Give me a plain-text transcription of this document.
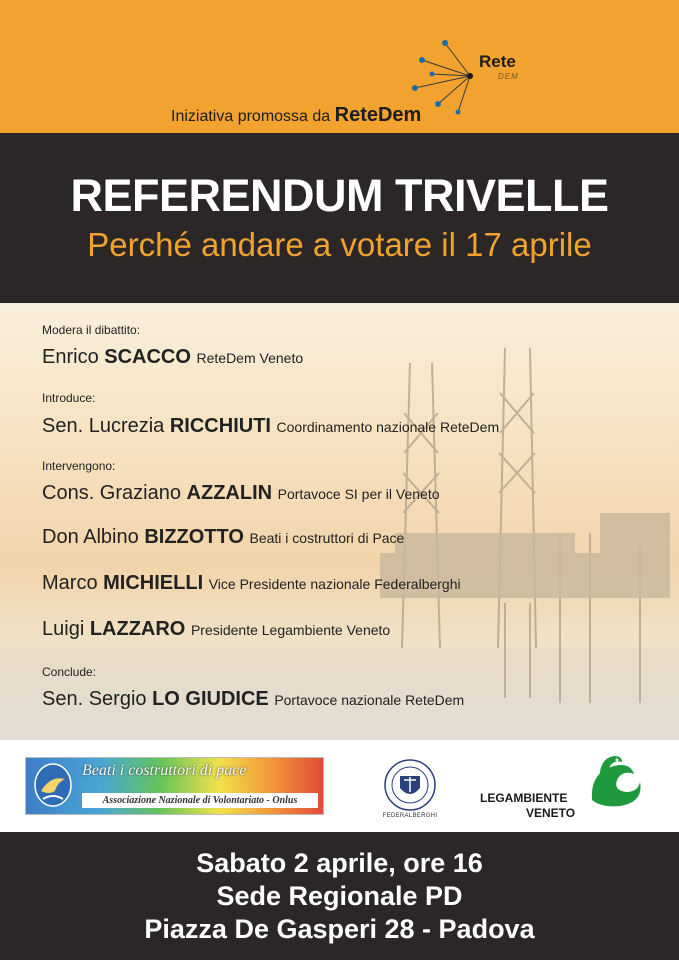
Iniziativa promossa da ReteDem
Rete
DEM
REFERENDUM TRIVELLE
Perché andare a votare il 17 aprile
Modera il dibattito:
Enrico SCACCO ReteDem Veneto
Introduce:
Sen. Lucrezia RICCHIUTI Coordinamento nazionale ReteDem
Intervengono:
Cons. Graziano AZZALIN Portavoce SI per il Veneto
Don Albino BIZZOTTO Beati i costruttori di Pace
Marco MICHIELLI Vice Presidente nazionale Federalberghi
Luigi LAZZARO Presidente Legambiente Veneto
Conclude:
Sen. Sergio LO GIUDICE Portavoce nazionale ReteDem
Beati i costruttori di pace
Associazione Nazionale di Volontariato - Onlus
FEDERALBERGHI
LEGAMBIENTE
VENETO
Sabato 2 aprile, ore 16
Sede Regionale PD
Piazza De Gasperi 28 - Padova
